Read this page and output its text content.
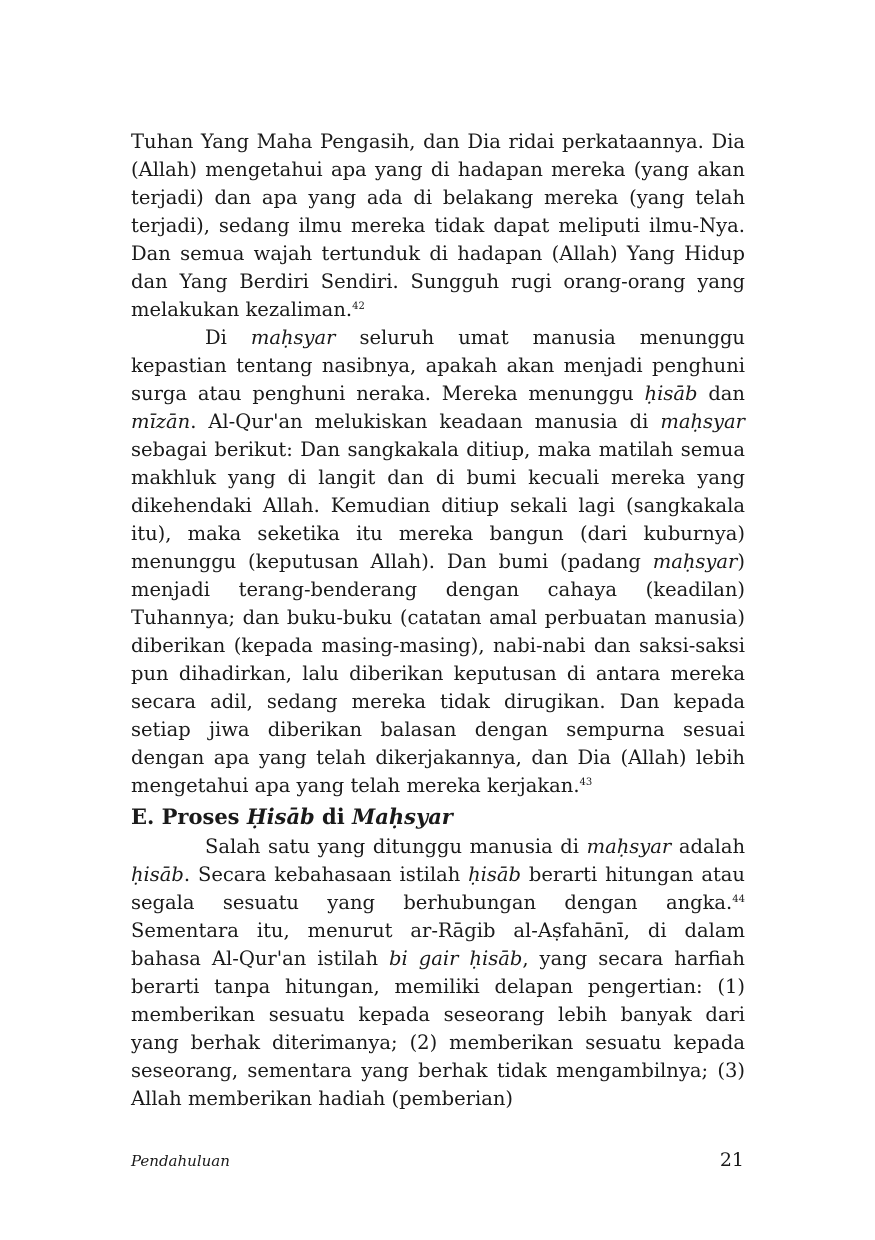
Tuhan Yang Maha Pengasih, dan Dia ridai perkataannya. Dia (Allah) mengetahui apa yang di hadapan mereka (yang akan terjadi) dan apa yang ada di belakang mereka (yang telah terjadi), sedang ilmu mereka tidak dapat meliputi ilmu-Nya. Dan semua wajah tertunduk di hadapan (Allah) Yang Hidup dan Yang Berdiri Sendiri. Sungguh rugi orang-orang yang melakukan kezaliman.$^{42}$

Di maḥsyar seluruh umat manusia menunggu kepastian tentang nasibnya, apakah akan menjadi penghuni surga atau penghuni neraka. Mereka menunggu ḥisāb dan mīzān. Al-Qur'an melukiskan keadaan manusia di maḥsyar sebagai berikut: Dan sangkakala ditiup, maka matilah semua makhluk yang di langit dan di bumi kecuali mereka yang dikehendaki Allah. Kemudian ditiup sekali lagi (sangkakala itu), maka seketika itu mereka bangun (dari kuburnya) menunggu (keputusan Allah). Dan bumi (padang maḥsyar) menjadi terang-benderang dengan cahaya (keadilan) Tuhannya; dan buku-buku (catatan amal perbuatan manusia) diberikan (kepada masing-masing), nabi-nabi dan saksi-saksi pun dihadirkan, lalu diberikan keputusan di antara mereka secara adil, sedang mereka tidak dirugikan. Dan kepada setiap jiwa diberikan balasan dengan sempurna sesuai dengan apa yang telah dikerjakannya, dan Dia (Allah) lebih mengetahui apa yang telah mereka kerjakan.$^{43}$

E. Proses Ḥisāb di Maḥsyar

Salah satu yang ditunggu manusia di maḥsyar adalah ḥisāb. Secara kebahasaan istilah ḥisāb berarti hitungan atau segala sesuatu yang berhubungan dengan angka.$^{44}$ Sementara itu, menurut ar-Rāgib al-Aṣfahānī, di dalam bahasa Al-Qur'an istilah bi gair ḥisāb, yang secara harfiah berarti tanpa hitungan, memiliki delapan pengertian: (1) memberikan sesuatu kepada seseorang lebih banyak dari yang berhak diterimanya; (2) memberikan sesuatu kepada seseorang, sementara yang berhak tidak mengambilnya; (3) Allah memberikan hadiah (pemberian)

Pendahuluan	21
